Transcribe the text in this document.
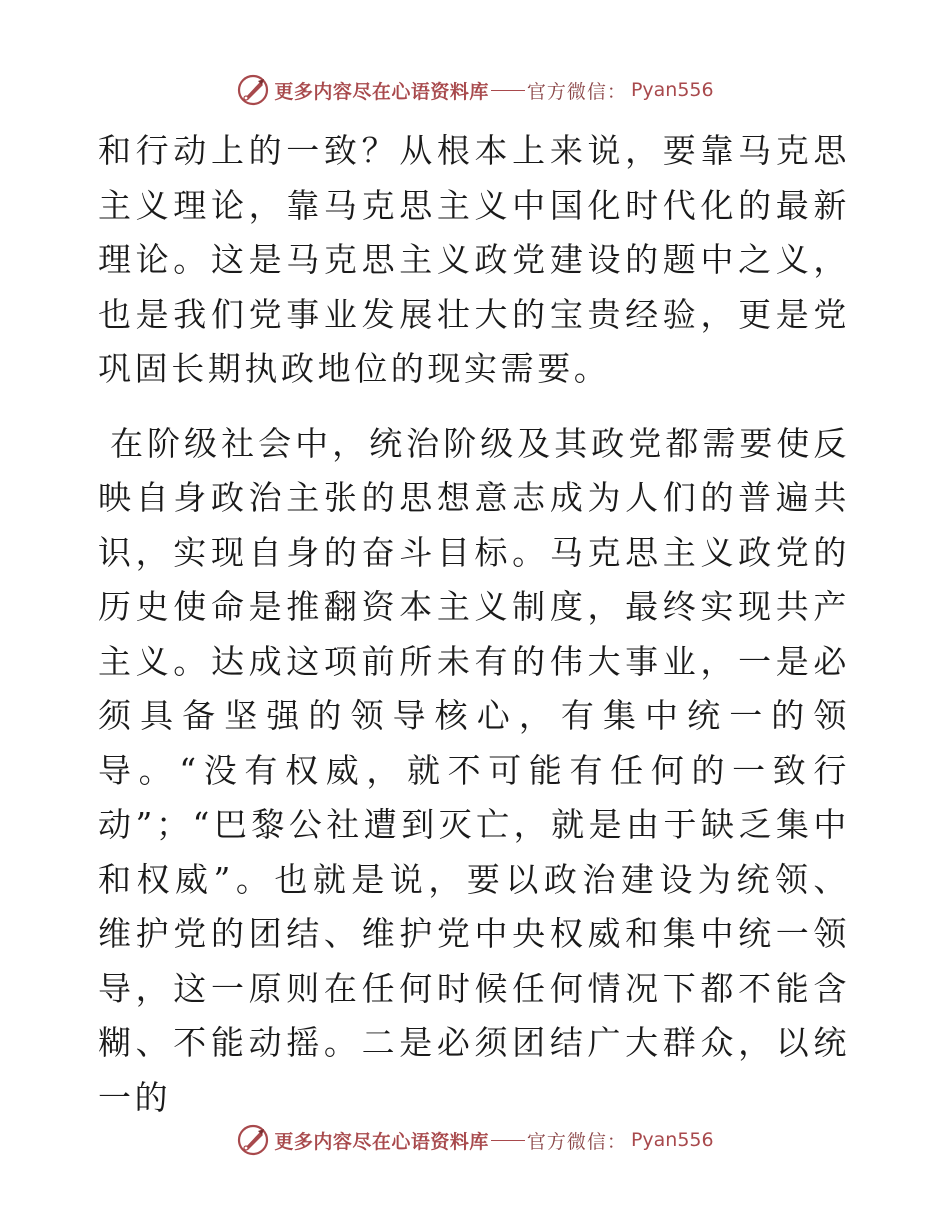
更多内容尽在心语资料库 官方微信： Pyan556

和行动上的一致？从根本上来说，要靠马克思主义理论，靠马克思主义中国化时代化的最新理论。这是马克思主义政党建设的题中之义，也是我们党事业发展壮大的宝贵经验，更是党巩固长期执政地位的现实需要。

在阶级社会中，统治阶级及其政党都需要使反映自身政治主张的思想意志成为人们的普遍共识，实现自身的奋斗目标。马克思主义政党的历史使命是推翻资本主义制度，最终实现共产主义。达成这项前所未有的伟大事业，一是必须具备坚强的领导核心，有集中统一的领导。“没有权威，就不可能有任何的一致行动”；“巴黎公社遭到灭亡，就是由于缺乏集中和权威”。也就是说，要以政治建设为统领、维护党的团结、维护党中央权威和集中统一领导，这一原则在任何时候任何情况下都不能含糊、不能动摇。二是必须团结广大群众，以统一的

更多内容尽在心语资料库 官方微信： Pyan556
